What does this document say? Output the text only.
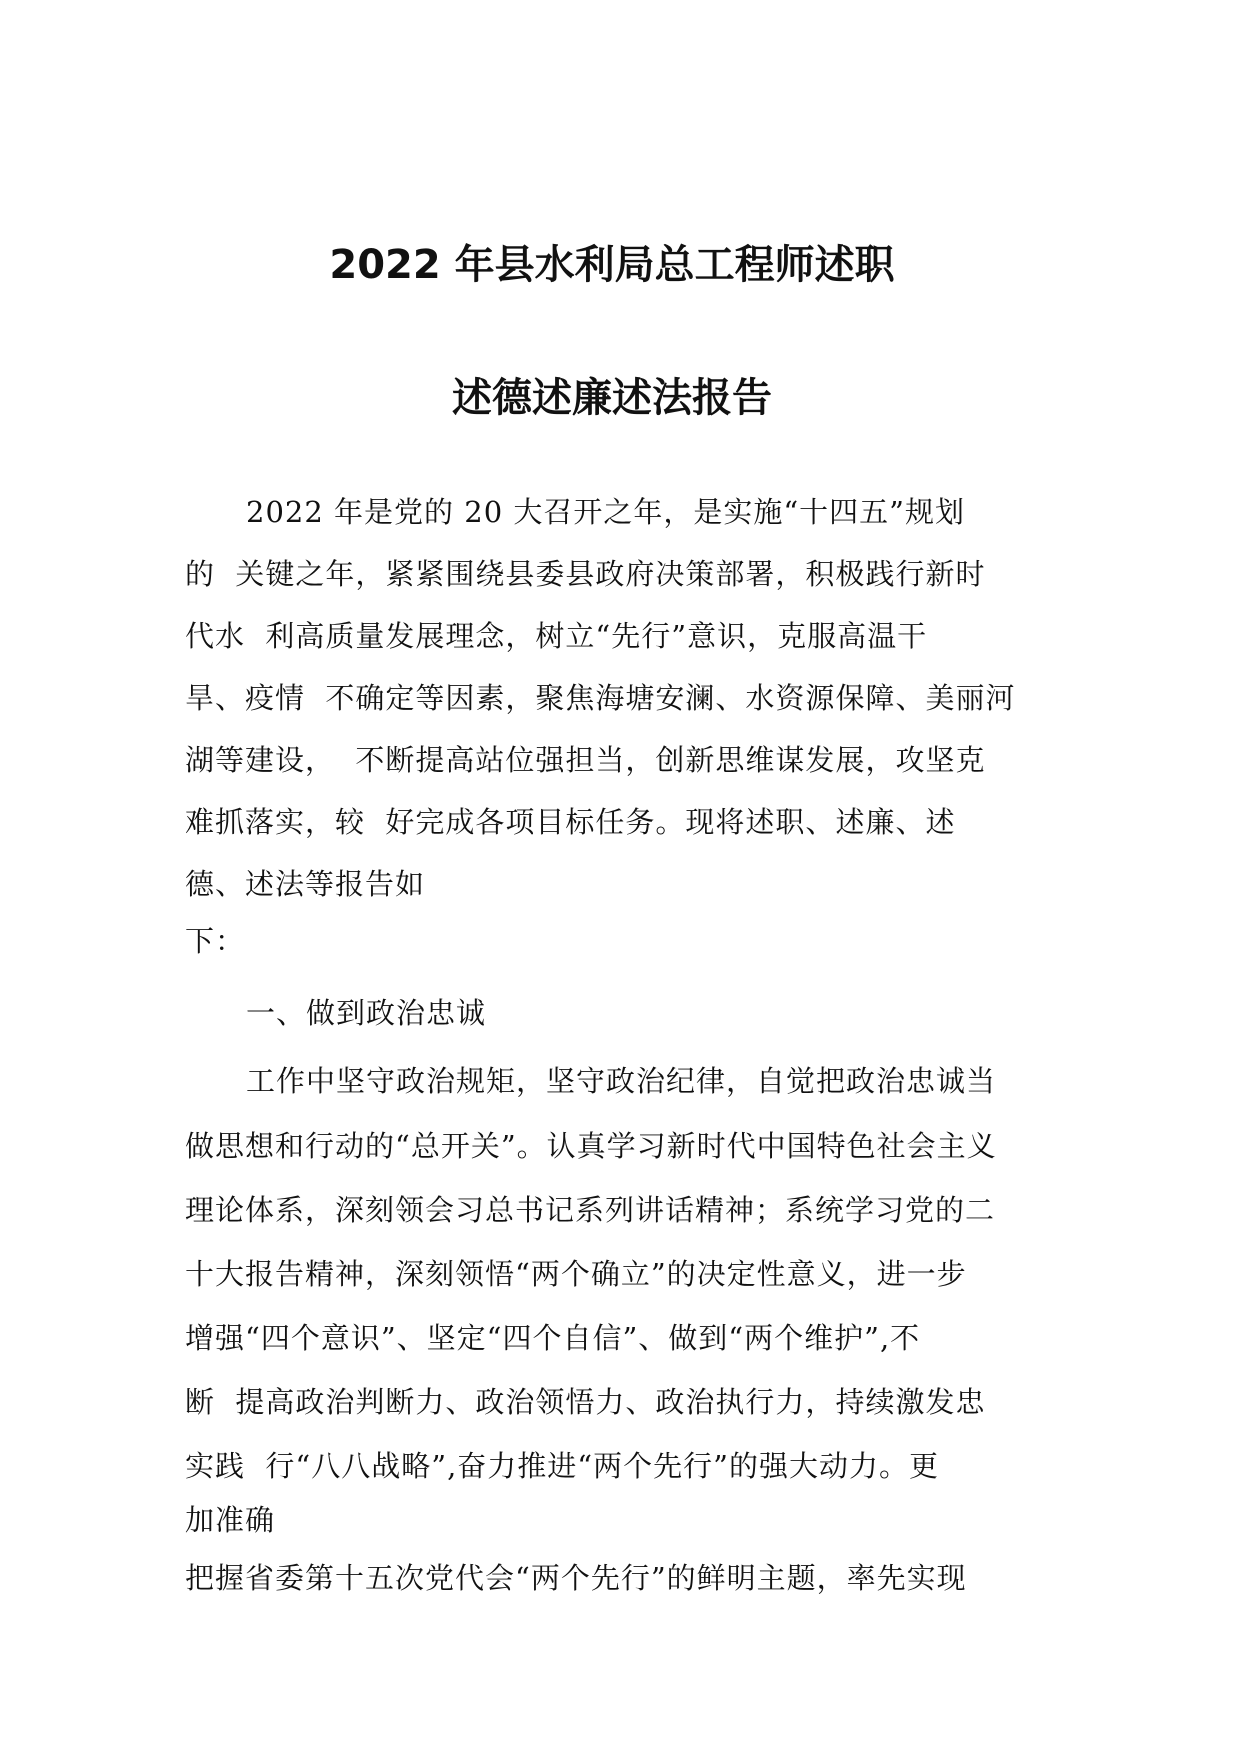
2022 年县水利局总工程师述职
述德述廉述法报告
2022 年是党的 20 大召开之年，是实施“十四五”规划
的  关键之年，紧紧围绕县委县政府决策部署，积极践行新时
代水  利高质量发展理念，树立“先行”意识，克服高温干
旱、疫情  不确定等因素，聚焦海塘安澜、水资源保障、美丽河
湖等建设，  不断提高站位强担当，创新思维谋发展，攻坚克
难抓落实，较  好完成各项目标任务。现将述职、述廉、述
德、述法等报告如
下：
一、做到政治忠诚
工作中坚守政治规矩，坚守政治纪律，自觉把政治忠诚当
做思想和行动的“总开关”。认真学习新时代中国特色社会主义
理论体系，深刻领会习总书记系列讲话精神；系统学习党的二
十大报告精神，深刻领悟“两个确立”的决定性意义，进一步
增强“四个意识”、坚定“四个自信”、做到“两个维护”,不
断  提高政治判断力、政治领悟力、政治执行力，持续激发忠
实践  行“八八战略”,奋力推进“两个先行”的强大动力。更
加准确
把握省委第十五次党代会“两个先行”的鲜明主题，率先实现
